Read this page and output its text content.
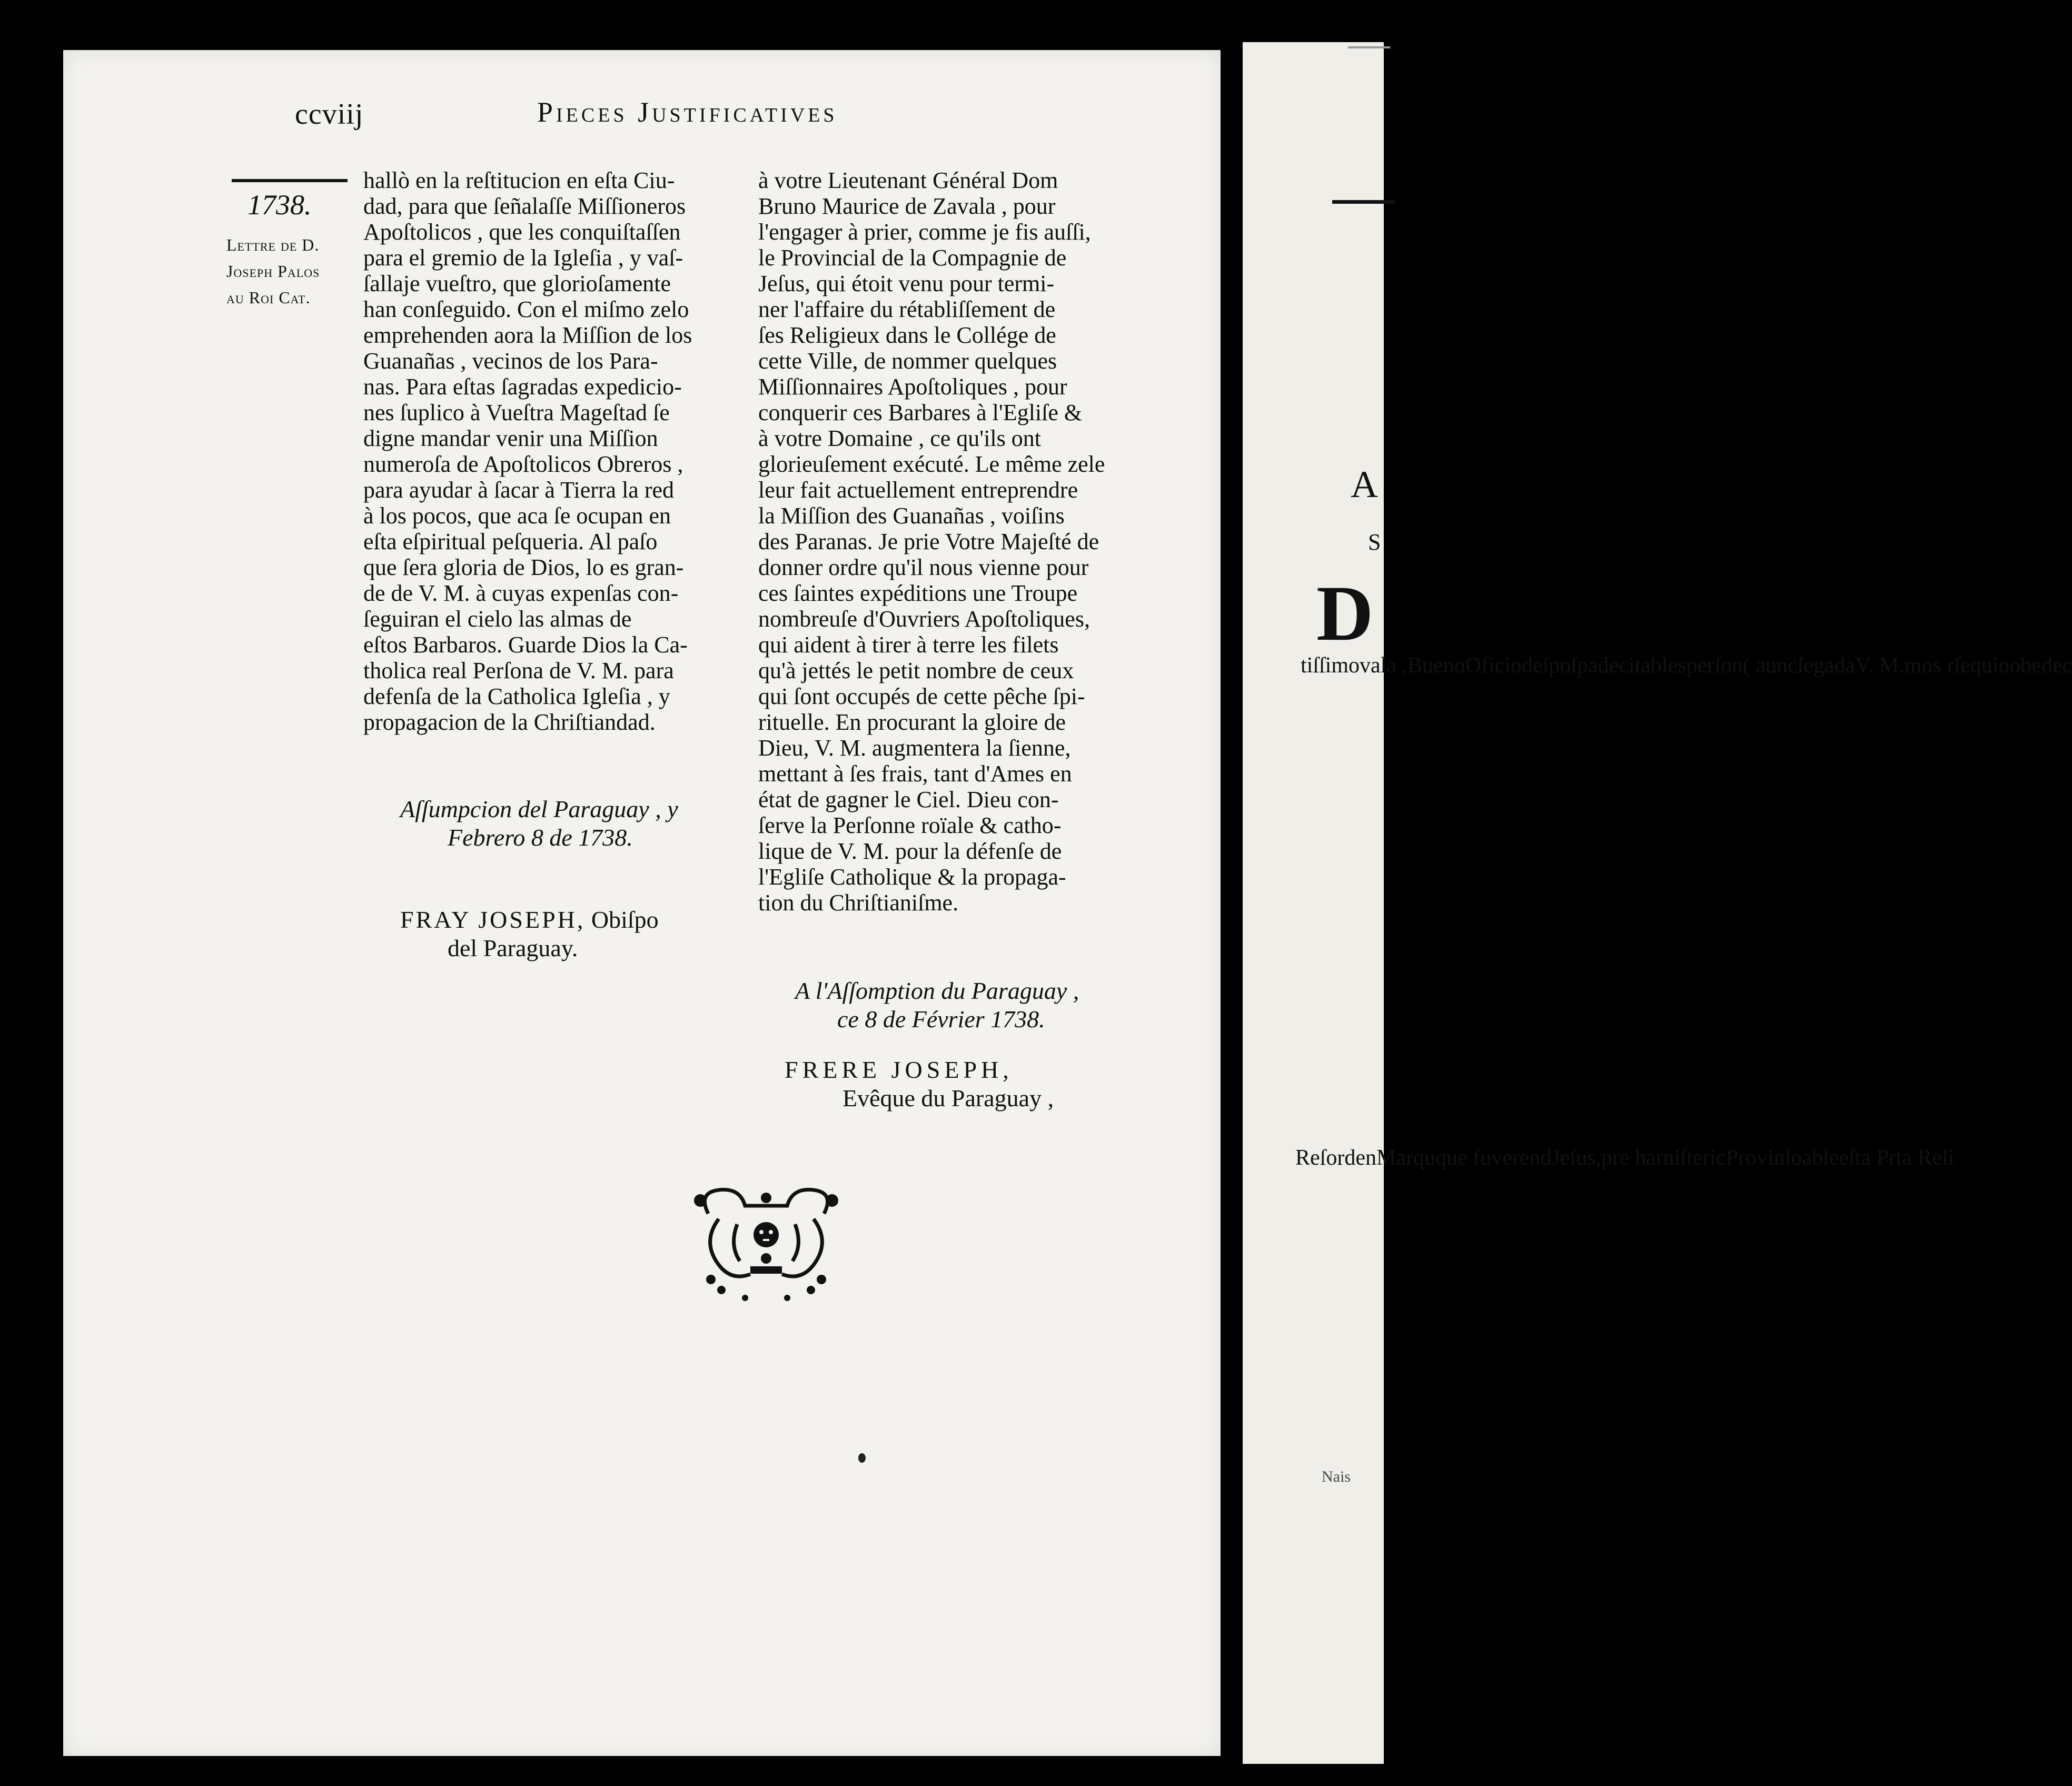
ccviij	Pieces Justificatives
1738.
Lettre de D.
Joseph Palos
au Roi Cat.
hallò en la reſtitucion en eſta Ciu-
dad, para que ſeñalaſſe Miſſioneros
Apoſtolicos , que les conquiſtaſſen
para el gremio de la Igleſia , y vaſ-
ſallaje vueſtro, que glorioſamente
han conſeguido. Con el miſmo zelo
emprehenden aora la Miſſion de los
Guanañas , vecinos de los Para-
nas. Para eſtas ſagradas expedicio-
nes ſuplico à Vueſtra Mageſtad ſe
digne mandar venir una Miſſion
numeroſa de Apoſtolicos Obreros ,
para ayudar à ſacar à Tierra la red
à los pocos, que aca ſe ocupan en
eſta eſpiritual peſqueria. Al paſo
que ſera gloria de Dios, lo es gran-
de de V. M. à cuyas expenſas con-
ſeguiran el cielo las almas de
eſtos Barbaros. Guarde Dios la Ca-
tholica real Perſona de V. M. para
defenſa de la Catholica Igleſia , y
propagacion de la Chriſtiandad.
à votre Lieutenant Général Dom
Bruno Maurice de Zavala , pour
l'engager à prier, comme je fis auſſi,
le Provincial de la Compagnie de
Jeſus, qui étoit venu pour termi-
ner l'affaire du rétabliſſement de
ſes Religieux dans le Collége de
cette Ville, de nommer quelques
Miſſionnaires Apoſtoliques , pour
conquerir ces Barbares à l'Egliſe &
à votre Domaine , ce qu'ils ont
glorieuſement exécuté. Le même zele
leur fait actuellement entreprendre
la Miſſion des Guanañas , voiſins
des Paranas. Je prie Votre Majeſté de
donner ordre qu'il nous vienne pour
ces ſaintes expéditions une Troupe
nombreuſe d'Ouvriers Apoſtoliques,
qui aident à tirer à terre les filets
qu'à jettés le petit nombre de ceux
qui ſont occupés de cette pêche ſpi-
rituelle. En procurant la gloire de
Dieu, V. M. augmentera la ſienne,
mettant à ſes frais, tant d'Ames en
état de gagner le Ciel. Dieu con-
ſerve la Perſonne roïale & catho-
lique de V. M. pour la défenſe de
l'Egliſe Catholique & la propaga-
tion du Chriſtianiſme.
Aſſumpcion del Paraguay , y
Febrero 8 de 1738.
FRAY JOSEPH, Obiſpo
del Paraguay.
A l'Aſſomption du Paraguay ,
ce 8 de Février 1738.
FRERE JOSEPH,
Evêque du Paraguay ,
A
S
D
tiſſimovala ,BuenoOficiodeſpoſpadecitablesperſon( auncſegadaV. M.mos rſequioobedec
ReſordenMarquque fuverendJeſus,pre harniſtericProvinloableeſta Prta Reli
Nais
